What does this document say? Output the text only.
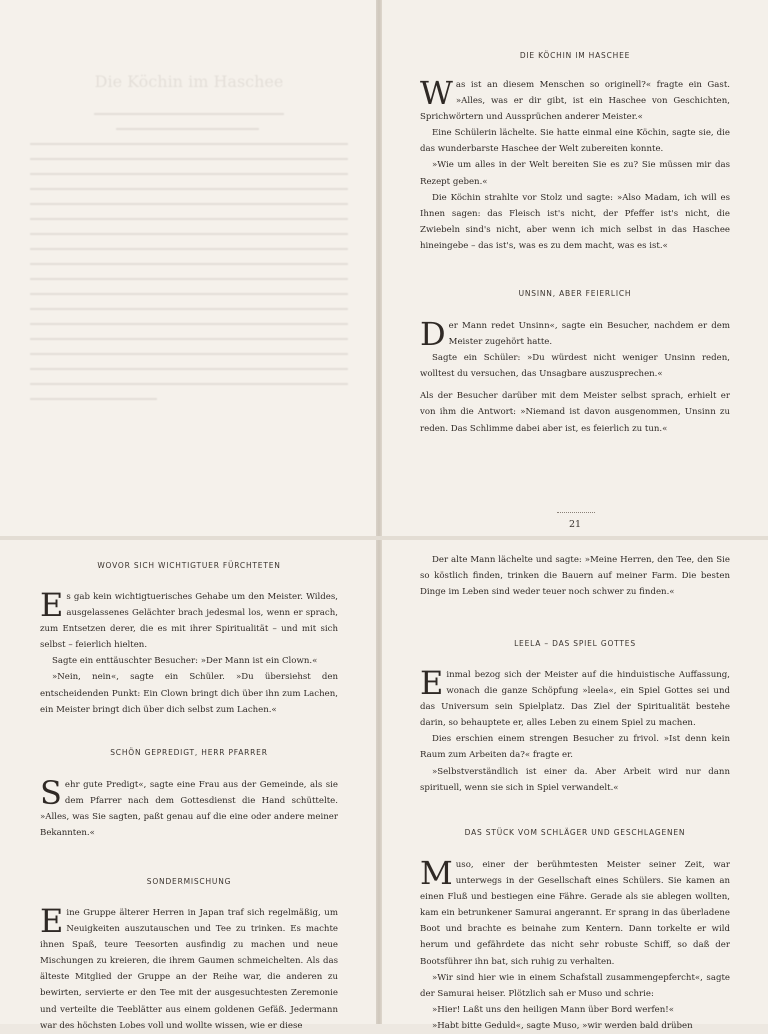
Die Köchin im Haschee

DIE KÖCHIN IM HASCHEE

Was ist an diesem Menschen so originell?« fragte ein Gast. »Alles, was er dir gibt, ist ein Haschee von Geschichten, Sprichwörtern und Aussprüchen anderer Meister.«

Eine Schülerin lächelte. Sie hatte einmal eine Köchin, sagte sie, die das wunderbarste Haschee der Welt zubereiten konnte.

»Wie um alles in der Welt bereiten Sie es zu? Sie müssen mir das Rezept geben.«

Die Köchin strahlte vor Stolz und sagte: »Also Madam, ich will es Ihnen sagen: das Fleisch ist's nicht, der Pfeffer ist's nicht, die Zwiebeln sind's nicht, aber wenn ich mich selbst in das Haschee hineingebe – das ist's, was es zu dem macht, was es ist.«

UNSINN, ABER FEIERLICH

Der Mann redet Unsinn«, sagte ein Besucher, nachdem er dem Meister zugehört hatte.

Sagte ein Schüler: »Du würdest nicht weniger Unsinn reden, wolltest du versuchen, das Unsagbare auszusprechen.«

Als der Besucher darüber mit dem Meister selbst sprach, erhielt er von ihm die Antwort: »Niemand ist davon ausgenommen, Unsinn zu reden. Das Schlimme dabei aber ist, es feierlich zu tun.«

21

WOVOR SICH WICHTIGTUER FÜRCHTETEN

Es gab kein wichtigtuerisches Gehabe um den Meister. Wildes, ausgelassenes Gelächter brach jedesmal los, wenn er sprach, zum Entsetzen derer, die es mit ihrer Spiritualität – und mit sich selbst – feierlich hielten.

Sagte ein enttäuschter Besucher: »Der Mann ist ein Clown.«

»Nein, nein«, sagte ein Schüler. »Du übersiehst den entscheidenden Punkt: Ein Clown bringt dich über ihn zum Lachen, ein Meister bringt dich über dich selbst zum Lachen.«

SCHÖN GEPREDIGT, HERR PFARRER

Sehr gute Predigt«, sagte eine Frau aus der Gemeinde, als sie dem Pfarrer nach dem Gottesdienst die Hand schüttelte. »Alles, was Sie sagten, paßt genau auf die eine oder andere meiner Bekannten.«

SONDERMISCHUNG

Eine Gruppe älterer Herren in Japan traf sich regelmäßig, um Neuigkeiten auszutauschen und Tee zu trinken. Es machte ihnen Spaß, teure Teesorten ausfindig zu machen und neue Mischungen zu kreieren, die ihrem Gaumen schmeichelten. Als das älteste Mitglied der Gruppe an der Reihe war, die anderen zu bewirten, servierte er den Tee mit der ausgesuchtesten Zeremonie und verteilte die Teeblätter aus einem goldenen Gefäß. Jedermann war des höchsten Lobes voll und wollte wissen, wie er diese

Der alte Mann lächelte und sagte: »Meine Herren, den Tee, den Sie so köstlich finden, trinken die Bauern auf meiner Farm. Die besten Dinge im Leben sind weder teuer noch schwer zu finden.«

LEELA – DAS SPIEL GOTTES

Einmal bezog sich der Meister auf die hinduistische Auffassung, wonach die ganze Schöpfung »leela«, ein Spiel Gottes sei und das Universum sein Spielplatz. Das Ziel der Spiritualität bestehe darin, so behauptete er, alles Leben zu einem Spiel zu machen.

Dies erschien einem strengen Besucher zu frivol. »Ist denn kein Raum zum Arbeiten da?« fragte er.

»Selbstverständlich ist einer da. Aber Arbeit wird nur dann spirituell, wenn sie sich in Spiel verwandelt.«

DAS STÜCK VOM SCHLÄGER UND GESCHLAGENEN

Muso, einer der berühmtesten Meister seiner Zeit, war unterwegs in der Gesellschaft eines Schülers. Sie kamen an einen Fluß und bestiegen eine Fähre. Gerade als sie ablegen wollten, kam ein betrunkener Samurai angerannt. Er sprang in das überladene Boot und brachte es beinahe zum Kentern. Dann torkelte er wild herum und gefährdete das nicht sehr robuste Schiff, so daß der Bootsführer ihn bat, sich ruhig zu verhalten.

»Wir sind hier wie in einem Schafstall zusammengepfercht«, sagte der Samurai heiser. Plötzlich sah er Muso und schrie:

»Hier! Laßt uns den heiligen Mann über Bord werfen!«

»Habt bitte Geduld«, sagte Muso, »wir werden bald drüben
